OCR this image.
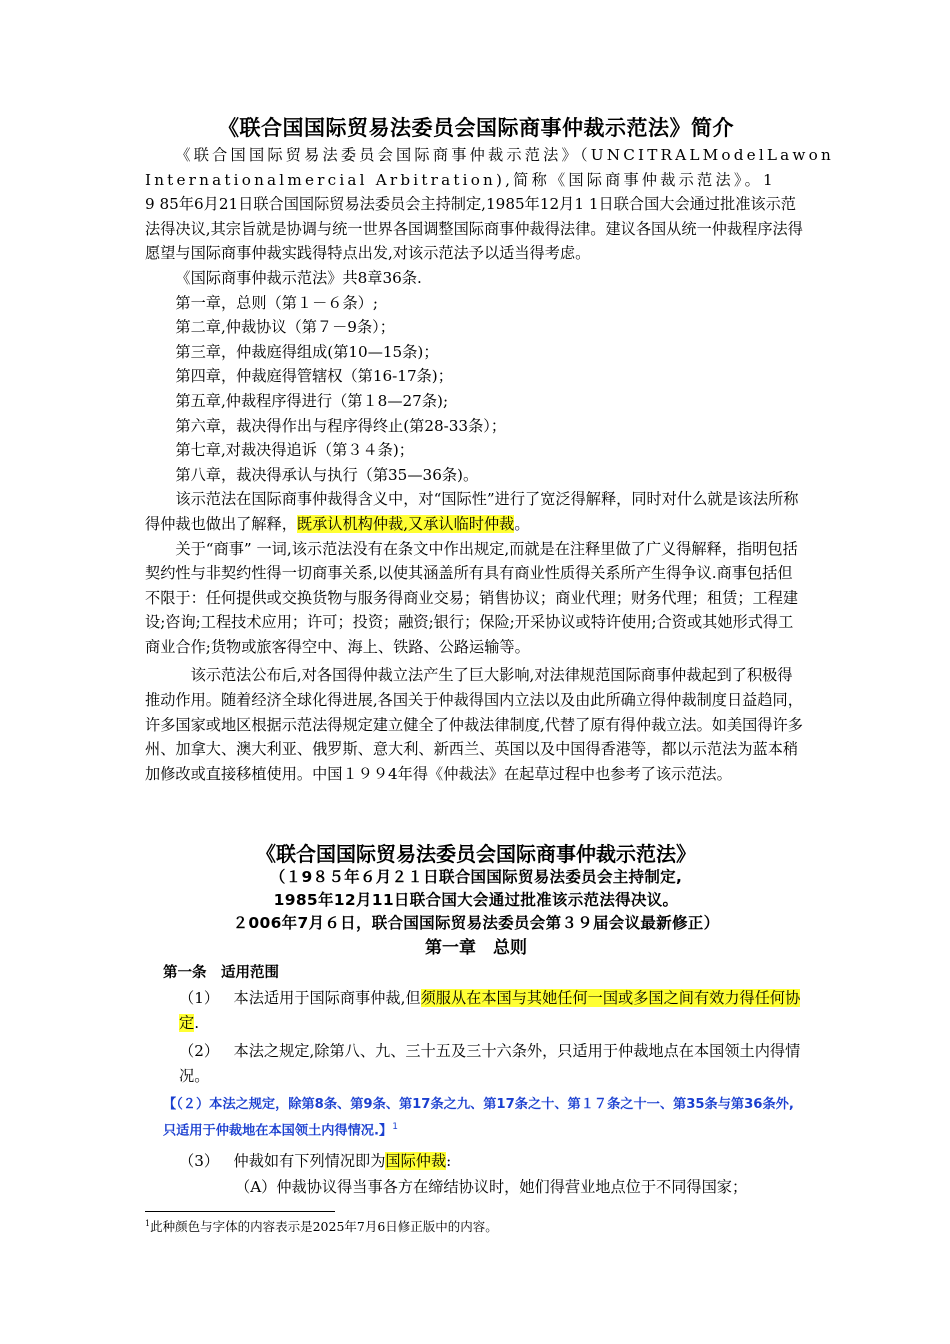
《联合国国际贸易法委员会国际商事仲裁示范法》简介

《联合国国际贸易法委员会国际商事仲裁示范法》（UNCITRALModelLawon

Internationalmercial Arbitration),简称《国际商事仲裁示范法》。1

9 85年6月21日联合国国际贸易法委员会主持制定,1985年12月1 1日联合国大会通过批准该示范法得决议,其宗旨就是协调与统一世界各国调整国际商事仲裁得法律。建议各国从统一仲裁程序法得愿望与国际商事仲裁实践得特点出发,对该示范法予以适当得考虑。

《国际商事仲裁示范法》共8章36条.

第一章，总则（第１－６条）;

第二章,仲裁协议（第７－9条）；

第三章，仲裁庭得组成(第10—15条)；

第四章，仲裁庭得管辖权（第16-17条)；

第五章,仲裁程序得进行（第１8—27条);

第六章，裁决得作出与程序得终止(第28-33条）；

第七章,对裁决得追诉（第３４条)；

第八章，裁决得承认与执行（第35—36条)。

该示范法在国际商事仲裁得含义中，对“国际性”进行了宽泛得解释，同时对什么就是该法所称得仲裁也做出了解释，既承认机构仲裁,又承认临时仲裁。

关于“商事” 一词,该示范法没有在条文中作出规定,而就是在注释里做了广义得解释，指明包括契约性与非契约性得一切商事关系,以使其涵盖所有具有商业性质得关系所产生得争议.商事包括但不限于：任何提供或交换货物与服务得商业交易；销售协议；商业代理；财务代理；租赁；工程建设;咨询;工程技术应用；许可；投资；融资;银行；保险;开采协议或特许使用;合资或其她形式得工商业合作;货物或旅客得空中、海上、铁路、公路运输等。

该示范法公布后,对各国得仲裁立法产生了巨大影响,对法律规范国际商事仲裁起到了积极得推动作用。随着经济全球化得进展,各国关于仲裁得国内立法以及由此所确立得仲裁制度日益趋同，许多国家或地区根据示范法得规定建立健全了仲裁法律制度,代替了原有得仲裁立法。如美国得许多州、加拿大、澳大利亚、俄罗斯、意大利、新西兰、英国以及中国得香港等，都以示范法为蓝本稍加修改或直接移植使用。中国１９９4年得《仲裁法》在起草过程中也参考了该示范法。

《联合国国际贸易法委员会国际商事仲裁示范法》
（１9８５年６月２１日联合国国际贸易法委员会主持制定,
1985年12月11日联合国大会通过批准该示范法得决议。
２006年7月６日，联合国国际贸易法委员会第３９届会议最新修正）
第一章　总则
第一条　适用范围

（1） 本法适用于国际商事仲裁,但须服从在本国与其她任何一国或多国之间有效力得任何协定.

（2） 本法之规定,除第八、九、三十五及三十六条外，只适用于仲裁地点在本国领土内得情况。

【（２）本法之规定，除第8条、第9条、第17条之九、第17条之十、第１７条之十一、第35条与第36条外,只适用于仲裁地在本国领土内得情况.】$^1$

（3） 仲裁如有下列情况即为国际仲裁:

（A）仲裁协议得当事各方在缔结协议时，她们得营业地点位于不同得国家；

$^1$此种颜色与字体的内容表示是2025年7月6日修正版中的内容。
